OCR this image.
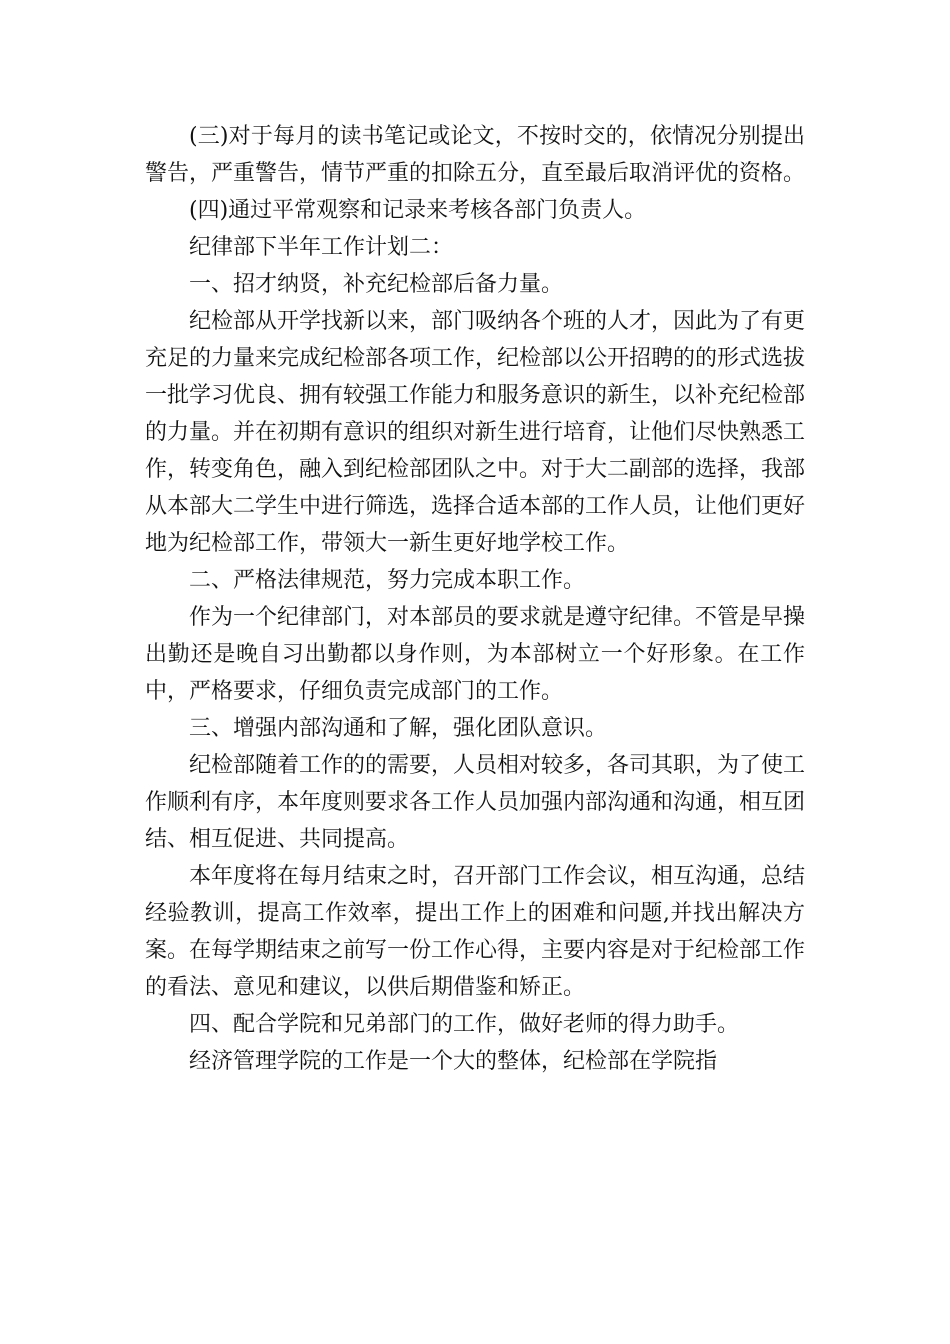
(三)对于每月的读书笔记或论文，不按时交的，依情况分别提出警告，严重警告，情节严重的扣除五分，直至最后取消评优的资格。

(四)通过平常观察和记录来考核各部门负责人。

纪律部下半年工作计划二：

一、招才纳贤，补充纪检部后备力量。

纪检部从开学找新以来，部门吸纳各个班的人才，因此为了有更充足的力量来完成纪检部各项工作，纪检部以公开招聘的的形式选拔一批学习优良、拥有较强工作能力和服务意识的新生，以补充纪检部的力量。并在初期有意识的组织对新生进行培育，让他们尽快熟悉工作，转变角色，融入到纪检部团队之中。对于大二副部的选择，我部从本部大二学生中进行筛选，选择合适本部的工作人员，让他们更好地为纪检部工作，带领大一新生更好地学校工作。

二、严格法律规范，努力完成本职工作。

作为一个纪律部门，对本部员的要求就是遵守纪律。不管是早操出勤还是晚自习出勤都以身作则，为本部树立一个好形象。在工作中，严格要求，仔细负责完成部门的工作。

三、增强内部沟通和了解，强化团队意识。

纪检部随着工作的的需要，人员相对较多，各司其职，为了使工作顺利有序，本年度则要求各工作人员加强内部沟通和沟通，相互团结、相互促进、共同提高。

本年度将在每月结束之时，召开部门工作会议，相互沟通，总结经验教训，提高工作效率，提出工作上的困难和问题,并找出解决方案。在每学期结束之前写一份工作心得，主要内容是对于纪检部工作的看法、意见和建议，以供后期借鉴和矫正。

四、配合学院和兄弟部门的工作，做好老师的得力助手。

经济管理学院的工作是一个大的整体，纪检部在学院指
